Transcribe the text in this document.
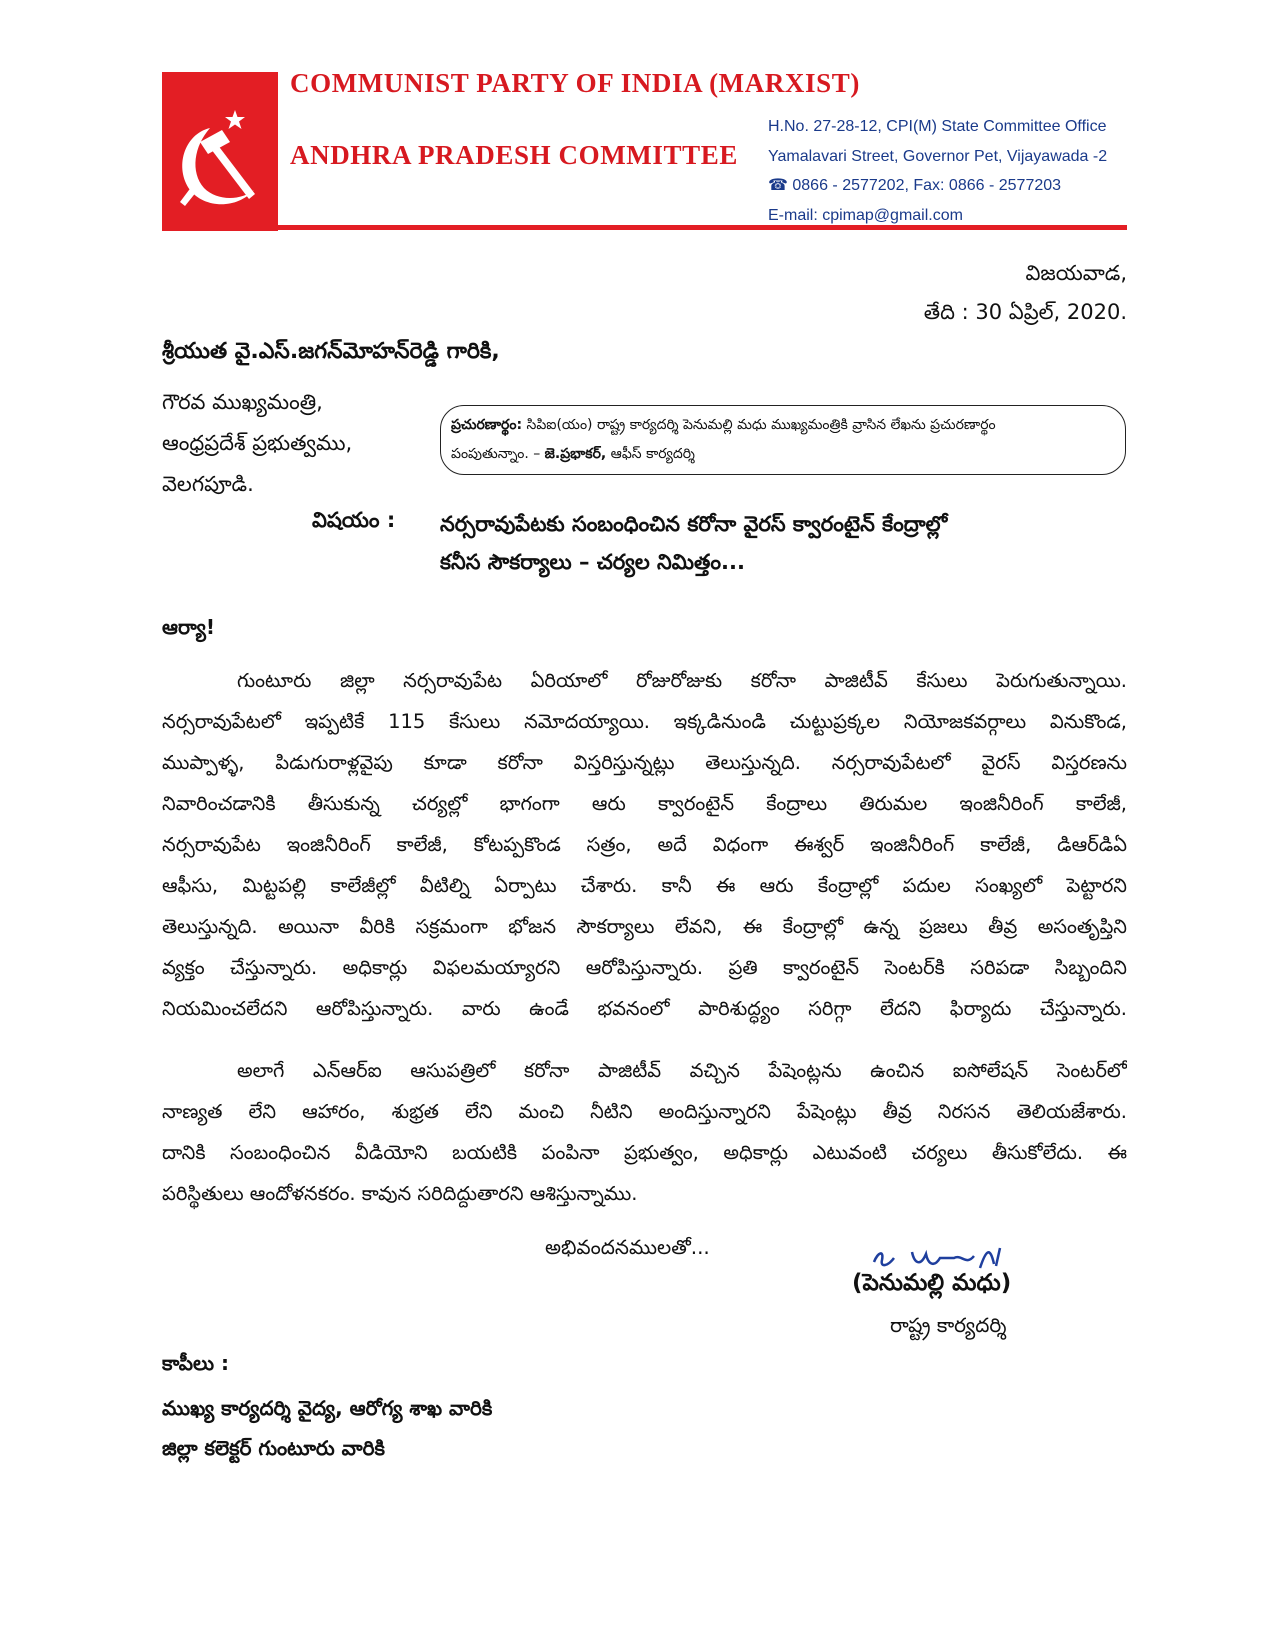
COMMUNIST PARTY OF INDIA (MARXIST)
ANDHRA PRADESH COMMITTEE
H.No. 27-28-12, CPI(M) State Committee Office
Yamalavari Street, Governor Pet, Vijayawada -2
☎ 0866 - 2577202, Fax: 0866 - 2577203
E-mail: cpimap@gmail.com
విజయవాడ,
తేది : 30 ఏప్రిల్, 2020.
శ్రీయుత వై.ఎస్.జగన్‌మోహన్‌రెడ్డి గారికి,
గౌరవ ముఖ్యమంత్రి,
ఆంధ్రప్రదేశ్ ప్రభుత్వము,
వెలగపూడి.
ప్రచురణార్థం: సిపిఐ(యం) రాష్ట్ర కార్యదర్శి పెనుమల్లి మధు ముఖ్యమంత్రికి వ్రాసిన లేఖను ప్రచురణార్థం
పంపుతున్నాం. – జె.ప్రభాకర్, ఆఫీస్ కార్యదర్శి
విషయం : నర్సరావుపేటకు సంబంధించిన కరోనా వైరస్ క్వారంటైన్ కేంద్రాల్లో
కనీస సౌకర్యాలు – చర్యల నిమిత్తం...
ఆర్యా!
గుంటూరు జిల్లా నర్సరావుపేట ఏరియాలో రోజురోజుకు కరోనా పాజిటీవ్ కేసులు పెరుగుతున్నాయి.
నర్సరావుపేటలో ఇప్పటికే 115 కేసులు నమోదయ్యాయి. ఇక్కడినుండి చుట్టుప్రక్కల నియోజకవర్గాలు వినుకొండ,
ముప్పాళ్ళ, పిడుగురాళ్లవైపు కూడా కరోనా విస్తరిస్తున్నట్లు తెలుస్తున్నది. నర్సరావుపేటలో వైరస్ విస్తరణను
నివారించడానికి తీసుకున్న చర్యల్లో భాగంగా ఆరు క్వారంటైన్ కేంద్రాలు తిరుమల ఇంజినీరింగ్ కాలేజీ,
నర్సరావుపేట ఇంజినీరింగ్ కాలేజీ, కోటప్పకొండ సత్రం, అదే విధంగా ఈశ్వర్ ఇంజినీరింగ్ కాలేజీ, డిఆర్‌డిఏ
ఆఫీసు, మిట్టపల్లి కాలేజీల్లో వీటిల్ని ఏర్పాటు చేశారు. కానీ ఈ ఆరు కేంద్రాల్లో పదుల సంఖ్యలో పెట్టారని
తెలుస్తున్నది. అయినా వీరికి సక్రమంగా భోజన సౌకర్యాలు లేవని, ఈ కేంద్రాల్లో ఉన్న ప్రజలు తీవ్ర అసంతృప్తిని
వ్యక్తం చేస్తున్నారు. అధికార్లు విఫలమయ్యారని ఆరోపిస్తున్నారు. ప్రతి క్వారంటైన్ సెంటర్‌కి సరిపడా సిబ్బందిని
నియమించలేదని ఆరోపిస్తున్నారు. వారు ఉండే భవనంలో పారిశుద్ధ్యం సరిగ్గా లేదని ఫిర్యాదు చేస్తున్నారు.
అలాగే ఎన్ఆర్ఐ ఆసుపత్రిలో కరోనా పాజిటీవ్ వచ్చిన పేషెంట్లను ఉంచిన ఐసోలేషన్ సెంటర్‌లో
నాణ్యత లేని ఆహారం, శుభ్రత లేని మంచి నీటిని అందిస్తున్నారని పేషెంట్లు తీవ్ర నిరసన తెలియజేశారు.
దానికి సంబంధించిన వీడియోని బయటికి పంపినా ప్రభుత్వం, అధికార్లు ఎటువంటి చర్యలు తీసుకోలేదు. ఈ
పరిస్థితులు ఆందోళనకరం. కావున సరిదిద్దుతారని ఆశిస్తున్నాము.
అభివందనములతో...
(పెనుమల్లి మధు)
రాష్ట్ర కార్యదర్శి
కాపీలు :
ముఖ్య కార్యదర్శి వైద్య, ఆరోగ్య శాఖ వారికి
జిల్లా కలెక్టర్ గుంటూరు వారికి
